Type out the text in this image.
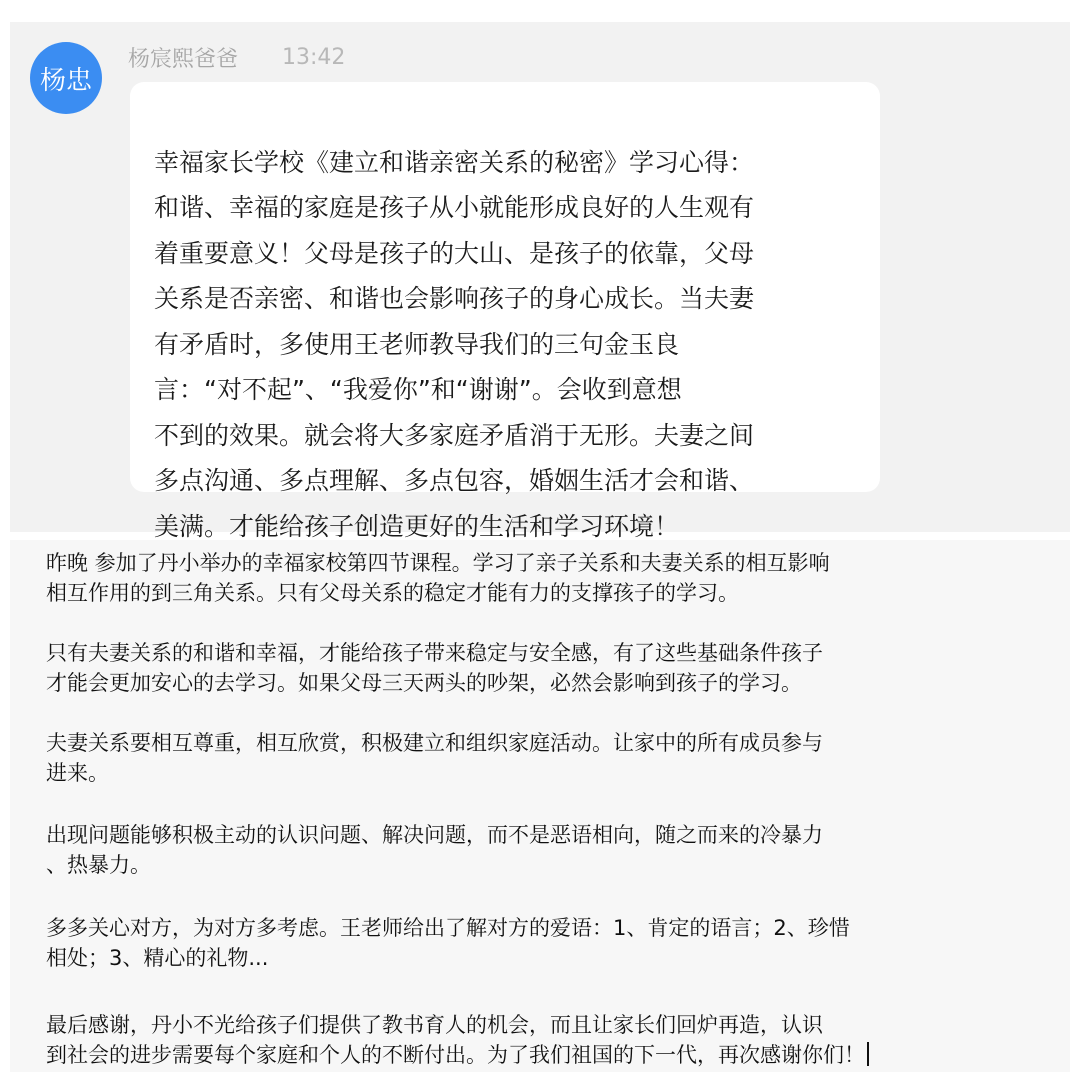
杨忠
杨宸熙爸爸 13:42

幸福家长学校《建立和谐亲密关系的秘密》学习心得：
和谐、幸福的家庭是孩子从小就能形成良好的人生观有
着重要意义！父母是孩子的大山、是孩子的依靠，父母
关系是否亲密、和谐也会影响孩子的身心成长。当夫妻
有矛盾时，多使用王老师教导我们的三句金玉良
言：“对不起”、“我爱你”和“谢谢”。会收到意想
不到的效果。就会将大多家庭矛盾消于无形。夫妻之间
多点沟通、多点理解、多点包容，婚姻生活才会和谐、
美满。才能给孩子创造更好的生活和学习环境！

昨晚 参加了丹小举办的幸福家校第四节课程。学习了亲子关系和夫妻关系的相互影响
相互作用的到三角关系。只有父母关系的稳定才能有力的支撑孩子的学习。

只有夫妻关系的和谐和幸福，才能给孩子带来稳定与安全感，有了这些基础条件孩子
才能会更加安心的去学习。如果父母三天两头的吵架，必然会影响到孩子的学习。

夫妻关系要相互尊重，相互欣赏，积极建立和组织家庭活动。让家中的所有成员参与
进来。

出现问题能够积极主动的认识问题、解决问题，而不是恶语相向，随之而来的冷暴力
、热暴力。

多多关心对方，为对方多考虑。王老师给出了解对方的爱语：1、肯定的语言；2、珍惜
相处；3、精心的礼物...

最后感谢，丹小不光给孩子们提供了教书育人的机会，而且让家长们回炉再造，认识
到社会的进步需要每个家庭和个人的不断付出。为了我们祖国的下一代，再次感谢你们！
